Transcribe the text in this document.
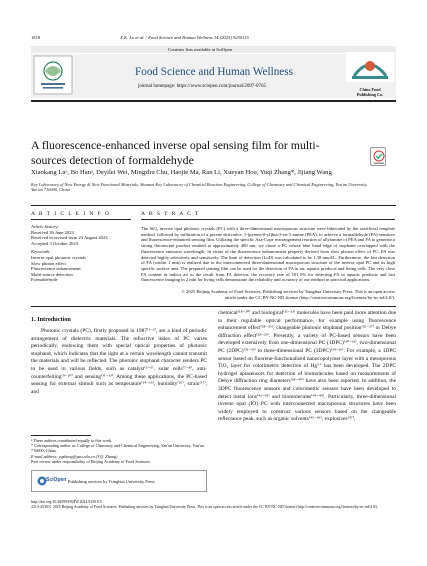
1818	X.K. Lu et al. / Food Science and Human Wellness 14 (2025) 9250115
Contents lists available at SciOpen
Food Science and Human Wellness
journal homepage: https://www.sciopen.com/journal/2097-0765
China Food
Publishing Co.
A fluorescence-enhanced inverse opal sensing film for multi-sources detection of formaldehyde
Xiaokang Luᵃ, Bo Hanᵃ, Deyilei Wei, Mingzhu Chu, Haojie Ma, Ran Li, Xueyan Hou, Yuqi Zhang*, Jijiang Wang
Key Laboratory of New Energy & New Functional Materials, Shaanxi Key Laboratory of Chemical Reaction Engineering, College of Chemistry and Chemical Engineering, Yan'an University, Yan'an 716000, China
A R T I C L E I N F O
Article history:
Received 26 June 2023
Received in revised form 23 August 2023
Accepted 3 October 2023
Keywords:
Inverse opal photonic crystals
Slow photon effect
Fluorescence enhancement
Multi-source detection
Formaldehyde
A B S T R A C T
The SiO₂ inverse opal photonic crystals (PC) with a three-dimensional macroporous structure were fabricated by the sacrificial template method, followed by infiltration of a pyrene derivative, 1-(pyrene-8-yl)but-3-en-1-amine (PEA), to achieve a formaldehyde (FA)-sensitive and fluorescence-enhanced sensing film. Utilizing the specific Aza-Cope rearrangement reaction of allylamine of PEA and FA to generate a strong fluorescent product emitted at approximately 480 nm, we chose a PC whose blue band edge of stopband overlapped with the fluorescence emission wavelength. In virtue of the fluorescence enhancement property derived from slow photon effect of PC, FA was detected highly selectively and sensitively. The limit of detection (LoD) was calculated to be 1.38 nmol/L. Furthermore, the fast detection of FA (within 1 min) is realized due to the interconnected three-dimensional macroporous structure of the inverse opal PC and its high specific surface area. The prepared sensing film can be used for the detection of FA in air, aquatic products and living cells. The very close FA content in indoor air to the result from FA detector, the recovery rate of 101.5% for detecting FA in aquatic products and fast fluorescence imaging in 2 min for living cells demonstrate the reliability and accuracy of our method in practical applications.
© 2025 Beijing Academy of Food Sciences. Publishing services by Tsinghua University Press. This is an open access article under the CC BY-NC-ND license (http://creativecommons.org/licenses/by-nc-nd/4.0/).
1. Introduction
Photonic crystals (PC), firstly proposed in 1987⁽¹⁻²⁾, are a kind of periodic arrangement of dielectric materials. The refractive index of PC varies periodically, endowing them with special optical properties of photonic stopband, which indicates that the light at a certain wavelength cannot transmit the materials and will be reflected. The photonic stopband character renders PC to be used in various fields, such as catalyst⁽³⁻⁶⁾, solar cells⁽⁷⁻⁸⁾, anti-counterfeiting⁽⁹⁻¹⁰⁾ and sensing⁽¹¹⁻¹³⁾. Among these applications, the PC-based sensing for external stimuli such as temperature⁽¹⁴⁻¹⁵⁾, humidity⁽¹⁶⁾, strain⁽¹⁷⁾, and
chemical⁽¹⁸⁻²⁰⁾ and biological⁽²¹⁻²³⁾ molecules have been paid more attention due to their regulable optical performance, for example using fluorescence enhancement effect⁽²⁴⁻²⁵⁾, changeable photonic stopband position⁽²⁶⁻²⁷⁾ or Debye diffraction effect⁽²⁸⁻²⁹⁾. Presently, a variety of PC-based sensors have been developed extensively from one-dimensional PC (1DPC)⁽³⁰⁻³¹⁾, two-dimensional PC (2DPC)⁽³²⁻³³⁾ to three-dimensional PC (3DPC)⁽³⁴⁻³⁶⁾. For example, a 1DPC sensor based on fluorene-functionalized nanocopolymer layer with a mesoporous TiO₂ layer for colorimetric detection of Hg²⁺ has been developed. The 2DPC hydrogel aptasensors for detection of biomolecules based on measurements of Debye diffraction ring diameters⁽³⁸⁻⁴⁰⁾ have also been reported. In addition, the 3DPC fluorescence sensors and colorimetric sensors have been developed to detect metal ions⁽⁴¹⁻⁴²⁾ and biomolecules⁽⁴³⁻⁴⁴⁾. Particularly, three-dimensional inverse opal (IO) PC with interconnected macroporous structures have been widely employed to construct various sensors based on the changeable reflectance peak, such as organic solvents⁽⁴⁵⁻⁴⁶⁾, explosives⁽⁴⁷⁾,
ᵃ These authors contributed equally to this work.
* Corresponding author at: College of Chemistry and Chemical Engineering, Yan'an University, Yan'an 716000, China.
E-mail address: yqzhang@yau.edu.cn (Y.Q. Zhang)
Peer review under responsibility of Beijing Academy of Food Sciences.
SciOpen Publishing services by Tsinghua University Press
http://doi.org/10.26599/FSHW.2024.9250115
2213-4530/© 2025 Beijing Academy of Food Sciences. Publishing services by Tsinghua University Press. This is an open access article under the CC BY-NC-ND license (http://creativecommons.org/licenses/by-nc-nd/4.0/).
